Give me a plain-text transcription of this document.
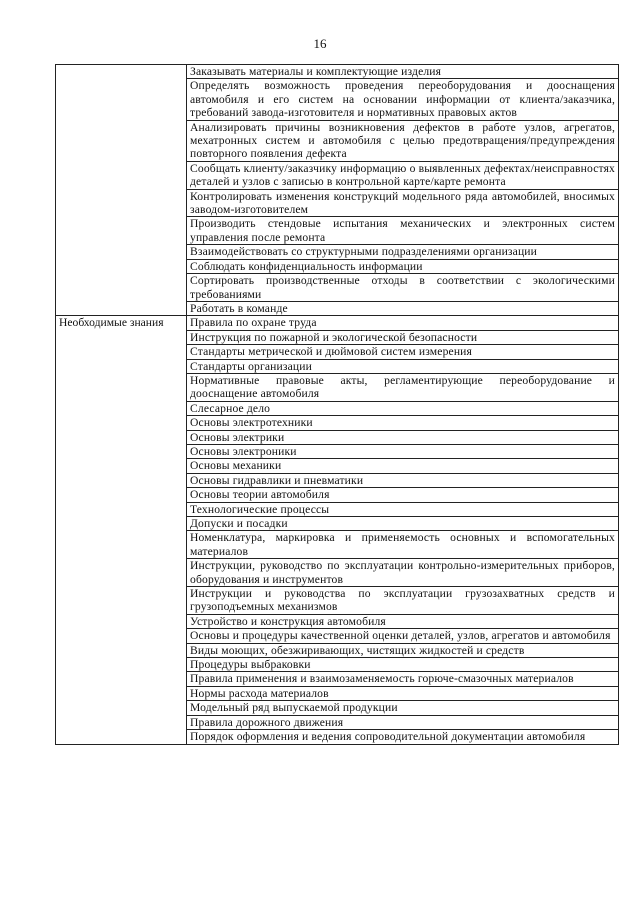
16
	Заказывать материалы и комплектующие изделия
	Определять возможность проведения переоборудования и дооснащения автомобиля и его систем на основании информации от клиента/заказчика, требований завода-изготовителя и нормативных правовых актов
	Анализировать причины возникновения дефектов в работе узлов, агрегатов, мехатронных систем и автомобиля с целью предотвращения/предупреждения повторного появления дефекта
	Сообщать клиенту/заказчику информацию о выявленных дефектах/неисправностях деталей и узлов с записью в контрольной карте/карте ремонта
	Контролировать изменения конструкций модельного ряда автомобилей, вносимых заводом-изготовителем
	Производить стендовые испытания механических и электронных систем управления после ремонта
	Взаимодействовать со структурными подразделениями организации
	Соблюдать конфиденциальность информации
	Сортировать производственные отходы в соответствии с экологическими требованиями
	Работать в команде
Необходимые знания	Правила по охране труда
	Инструкция по пожарной и экологической безопасности
	Стандарты метрической и дюймовой систем измерения
	Стандарты организации
	Нормативные правовые акты, регламентирующие переоборудование и дооснащение автомобиля
	Слесарное дело
	Основы электротехники
	Основы электрики
	Основы электроники
	Основы механики
	Основы гидравлики и пневматики
	Основы теории автомобиля
	Технологические процессы
	Допуски и посадки
	Номенклатура, маркировка и применяемость основных и вспомогательных материалов
	Инструкции, руководство по эксплуатации контрольно-измерительных приборов, оборудования и инструментов
	Инструкции и руководства по эксплуатации грузозахватных средств и грузоподъемных механизмов
	Устройство и конструкция автомобиля
	Основы и процедуры качественной оценки деталей, узлов, агрегатов и автомобиля
	Виды моющих, обезжиривающих, чистящих жидкостей и средств
	Процедуры выбраковки
	Правила применения и взаимозаменяемость горюче-смазочных материалов
	Нормы расхода материалов
	Модельный ряд выпускаемой продукции
	Правила дорожного движения
	Порядок оформления и ведения сопроводительной документации автомобиля
